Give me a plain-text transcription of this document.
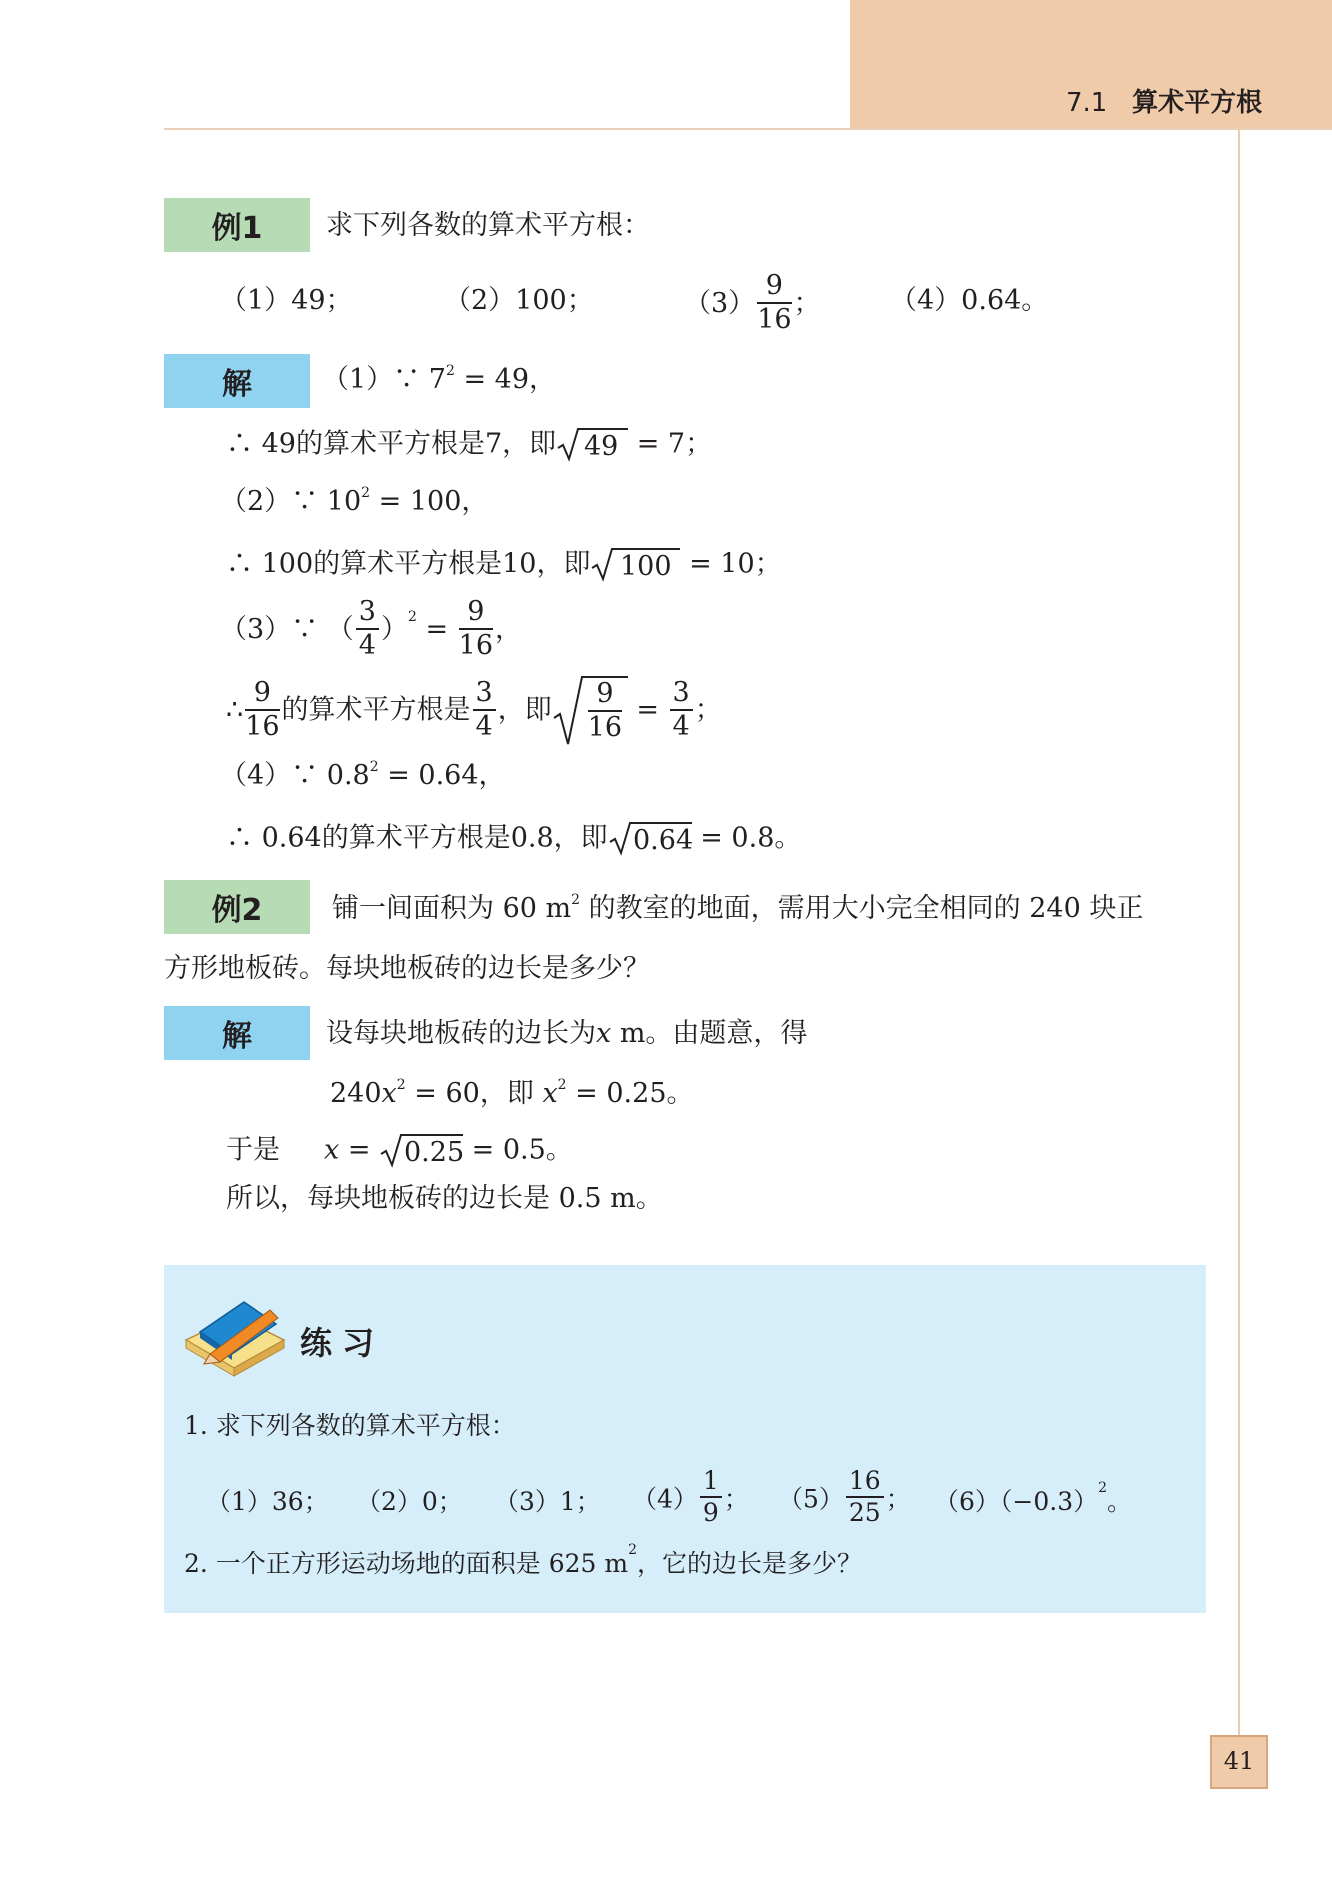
7.1 算术平方根
例1	求下列各数的算术平方根：
（1）49；	（2）100；	$(3) \frac{9}{16}$ ；	（4）0.64。
解	（1）∵ $7^2 = 49$，
∴ 49的算术平方根是7，即 49 = 7；
（2）∵ $10^2 = 100$，
∴ 100的算术平方根是10，即 100 = 10；
（3）∵ （ $\frac{3}{4} )^2 = \frac{9}{16}$ ，
∴ $\frac{9}{16}$ 的算术平方根是 $\frac{3}{4}$ ，即 $\frac{9}{16} = \frac{3}{4}$ ；
（4）∵ $0.8^2 = 0.64$，
∴ 0.64的算术平方根是0.8，即 0.64
= 0.8。
例2	铺一间面积为 60 $m^2$ 的教室的地面，需用大小完全相同的 240 块正
方形地板砖。每块地板砖的边长是多少？
解	设每块地板砖的边长为x m。由题意，得
$240x^2 = 60$，即 $x^2 = 0.25$。
于是 x = 0.25
= 0.5。
所以，每块地板砖的边长是 0.5 m。
练习
1. 求下列各数的算术平方根：
（1）36； （2）0； （3）1； $(4) \frac{1}{9}$ ； $(5) \frac{16}{25}$ ； $(6)(-0.3)^2$。
2. 一个正方形运动场地的面积是 625 $m^2$，它的边长是多少？
41
